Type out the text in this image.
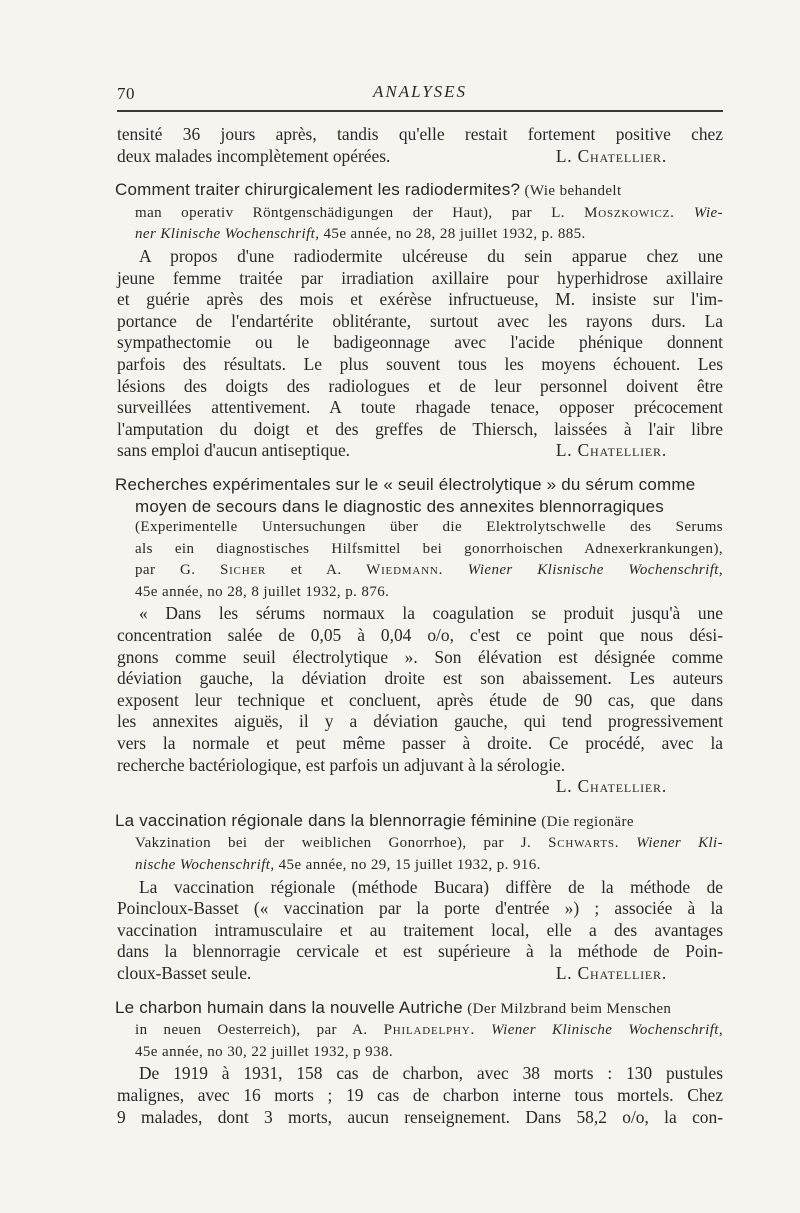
70	ANALYSES
tensité 36 jours après, tandis qu'elle restait fortement positive chez
deux malades incomplètement opérées.	L. Chatellier.
Comment traiter chirurgicalement les radiodermites? (Wie behandelt
man operativ Röntgenschädigungen der Haut), par L. Moszkowicz. Wie-
ner Klinische Wochenschrift, 45e année, no 28, 28 juillet 1932, p. 885.
A propos d'une radiodermite ulcéreuse du sein apparue chez une
jeune femme traitée par irradiation axillaire pour hyperhidrose axillaire
et guérie après des mois et exérèse infructueuse, M. insiste sur l'im-
portance de l'endartérite oblitérante, surtout avec les rayons durs. La
sympathectomie ou le badigeonnage avec l'acide phénique donnent
parfois des résultats. Le plus souvent tous les moyens échouent. Les
lésions des doigts des radiologues et de leur personnel doivent être
surveillées attentivement. A toute rhagade tenace, opposer précocement
l'amputation du doigt et des greffes de Thiersch, laissées à l'air libre
sans emploi d'aucun antiseptique.	L. Chatellier.
Recherches expérimentales sur le « seuil électrolytique » du sérum comme
moyen de secours dans le diagnostic des annexites blennorragiques
(Experimentelle Untersuchungen über die Elektrolytschwelle des Serums
als ein diagnostisches Hilfsmittel bei gonorrhoischen Adnexerkrankungen),
par G. Sicher et A. Wiedmann. Wiener Klisnische Wochenschrift,
45e année, no 28, 8 juillet 1932, p. 876.
« Dans les sérums normaux la coagulation se produit jusqu'à une
concentration salée de 0,05 à 0,04 o/o, c'est ce point que nous dési-
gnons comme seuil électrolytique ». Son élévation est désignée comme
déviation gauche, la déviation droite est son abaissement. Les auteurs
exposent leur technique et concluent, après étude de 90 cas, que dans
les annexites aiguës, il y a déviation gauche, qui tend progressivement
vers la normale et peut même passer à droite. Ce procédé, avec la
recherche bactériologique, est parfois un adjuvant à la sérologie.
L. Chatellier.
La vaccination régionale dans la blennorragie féminine (Die regionäre
Vakzination bei der weiblichen Gonorrhoe), par J. Schwarts. Wiener Kli-
nische Wochenschrift, 45e année, no 29, 15 juillet 1932, p. 916.
La vaccination régionale (méthode Bucara) diffère de la méthode de
Poincloux-Basset (« vaccination par la porte d'entrée ») ; associée à la
vaccination intramusculaire et au traitement local, elle a des avantages
dans la blennorragie cervicale et est supérieure à la méthode de Poin-
cloux-Basset seule.	L. Chatellier.
Le charbon humain dans la nouvelle Autriche (Der Milzbrand beim Menschen
in neuen Oesterreich), par A. Philadelphy. Wiener Klinische Wochenschrift,
45e année, no 30, 22 juillet 1932, p 938.
De 1919 à 1931, 158 cas de charbon, avec 38 morts : 130 pustules
malignes, avec 16 morts ; 19 cas de charbon interne tous mortels. Chez
9 malades, dont 3 morts, aucun renseignement. Dans 58,2 o/o, la con-
